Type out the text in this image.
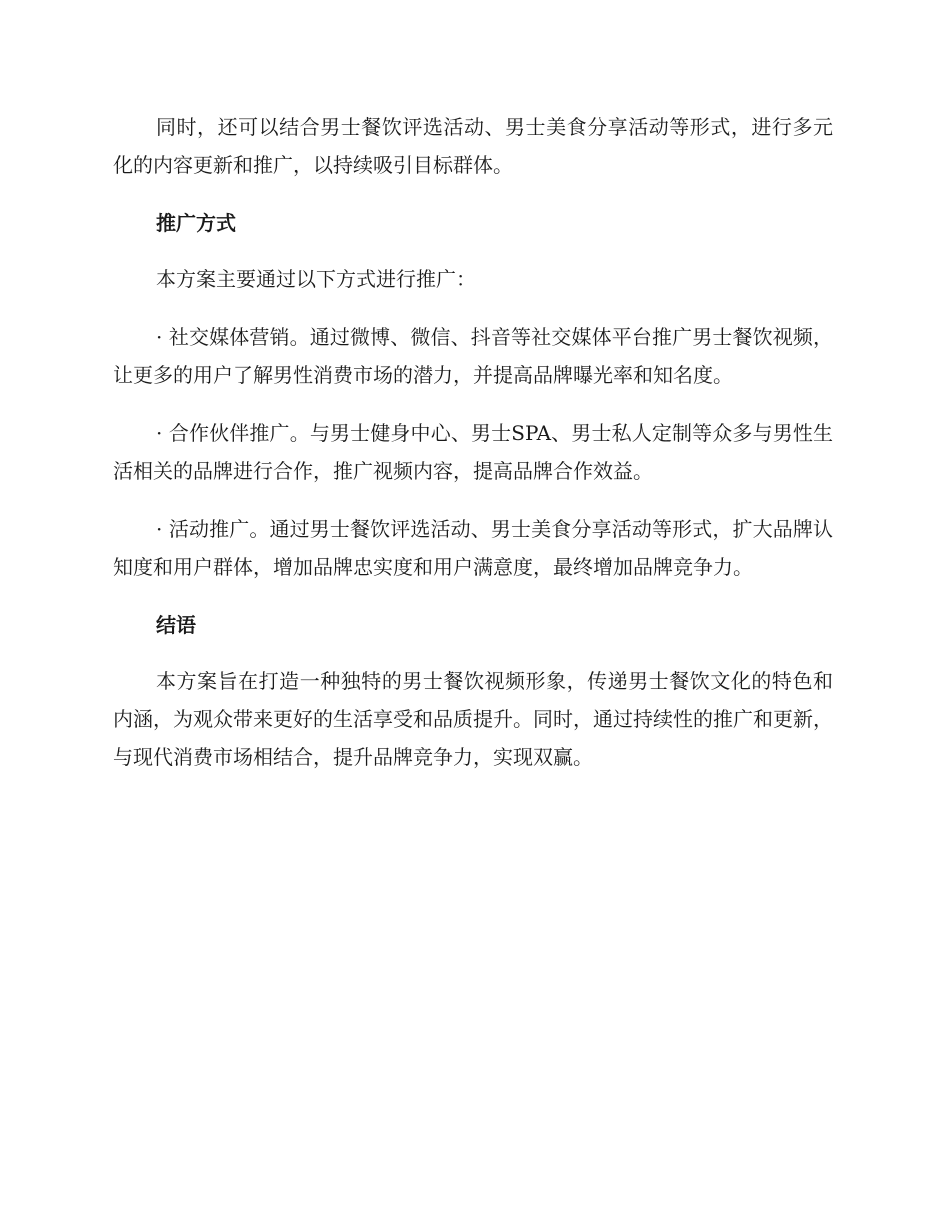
同时，还可以结合男士餐饮评选活动、男士美食分享活动等形式，进行多元化的内容更新和推广，以持续吸引目标群体。

推广方式

本方案主要通过以下方式进行推广：

· 社交媒体营销。通过微博、微信、抖音等社交媒体平台推广男士餐饮视频，让更多的用户了解男性消费市场的潜力，并提高品牌曝光率和知名度。

· 合作伙伴推广。与男士健身中心、男士SPA、男士私人定制等众多与男性生活相关的品牌进行合作，推广视频内容，提高品牌合作效益。

· 活动推广。通过男士餐饮评选活动、男士美食分享活动等形式，扩大品牌认知度和用户群体，增加品牌忠实度和用户满意度，最终增加品牌竞争力。

结语

本方案旨在打造一种独特的男士餐饮视频形象，传递男士餐饮文化的特色和内涵，为观众带来更好的生活享受和品质提升。同时，通过持续性的推广和更新，与现代消费市场相结合，提升品牌竞争力，实现双赢。
